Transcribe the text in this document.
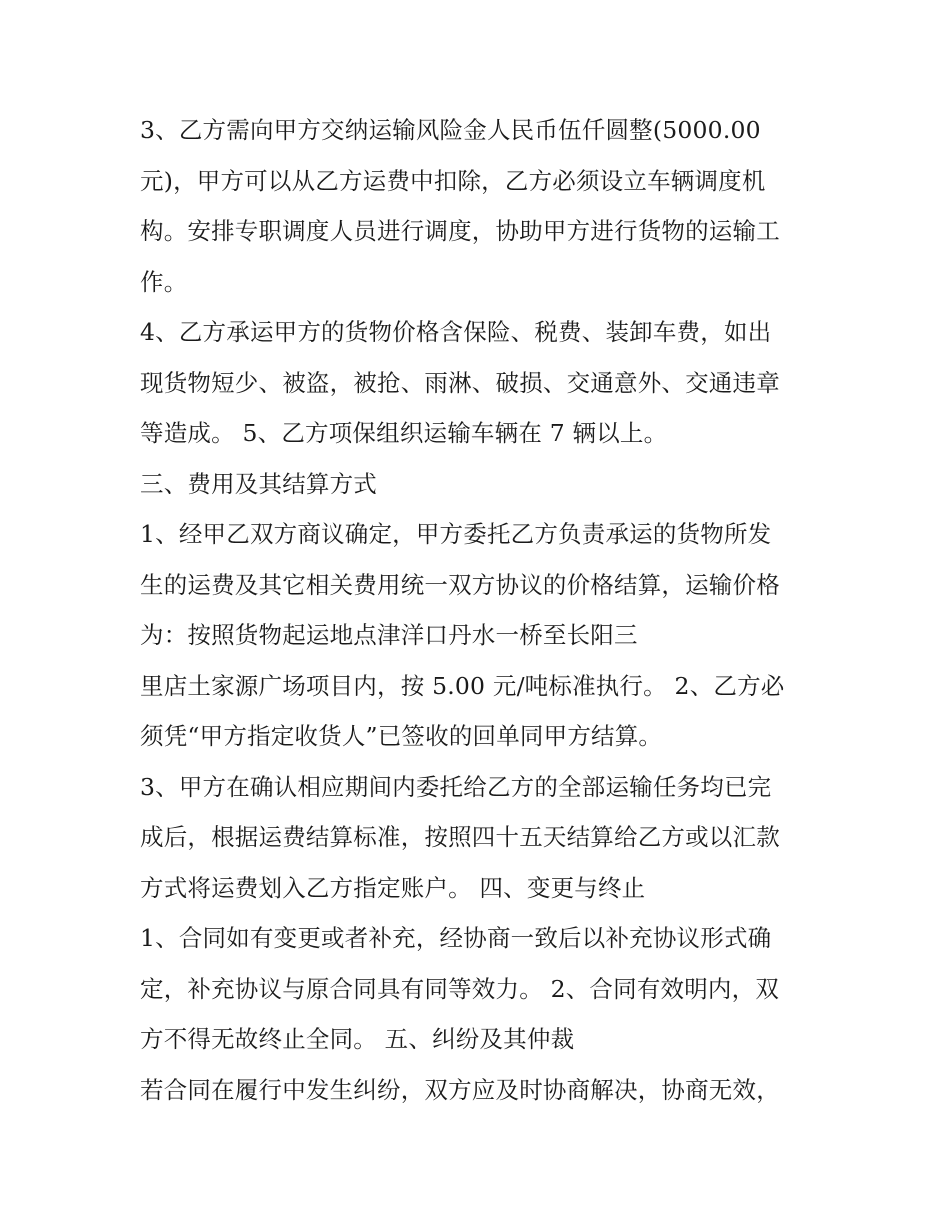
3、乙方需向甲方交纳运输风险金人民币伍仟圆整(5000.00
元)，甲方可以从乙方运费中扣除，乙方必须设立车辆调度机
构。安排专职调度人员进行调度，协助甲方进行货物的运输工
作。
4、乙方承运甲方的货物价格含保险、税费、装卸车费，如出
现货物短少、被盗，被抢、雨淋、破损、交通意外、交通违章
等造成。 5、乙方项保组织运输车辆在 7 辆以上。
三、费用及其结算方式
1、经甲乙双方商议确定，甲方委托乙方负责承运的货物所发
生的运费及其它相关费用统一双方协议的价格结算，运输价格
为：按照货物起运地点津洋口丹水一桥至长阳三
里店土家源广场项目内，按 5.00 元/吨标准执行。 2、乙方必
须凭“甲方指定收货人”已签收的回单同甲方结算。
3、甲方在确认相应期间内委托给乙方的全部运输任务均已完
成后，根据运费结算标准，按照四十五天结算给乙方或以汇款
方式将运费划入乙方指定账户。 四、变更与终止
1、合同如有变更或者补充，经协商一致后以补充协议形式确
定，补充协议与原合同具有同等效力。 2、合同有效明内，双
方不得无故终止全同。 五、纠纷及其仲裁
若合同在履行中发生纠纷，双方应及时协商解决，协商无效，
